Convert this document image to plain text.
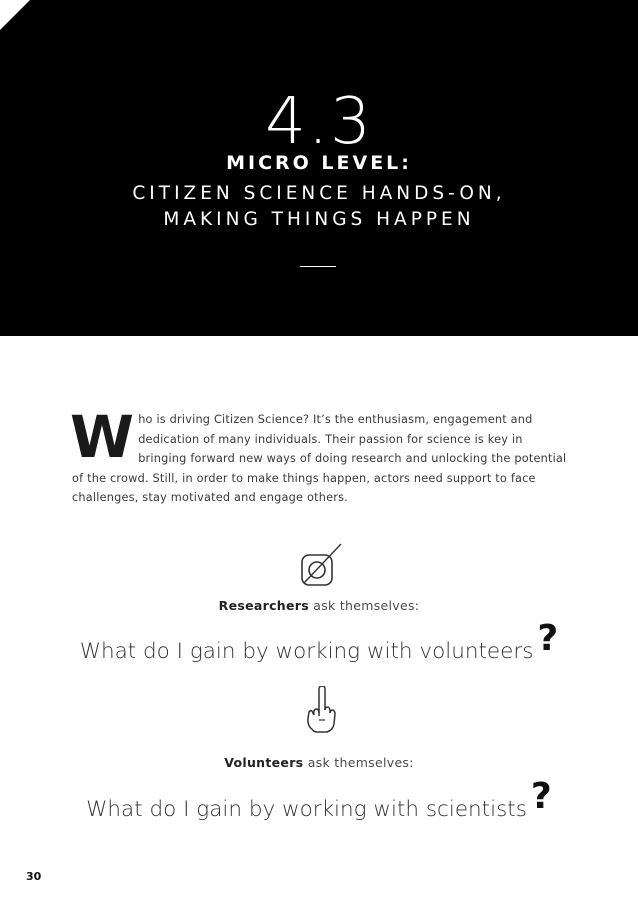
4.3
MICRO LEVEL:
CITIZEN SCIENCE HANDS-ON,
MAKING THINGS HAPPEN
W ho is driving Citizen Science? It’s the enthusiasm, engagement and dedication of many individuals. Their passion for science is key in bringing forward new ways of doing research and unlocking the potential of the crowd. Still, in order to make things happen, actors need support to face challenges, stay motivated and engage others.
Researchers ask themselves:
What do I gain by working with volunteers ?
Volunteers ask themselves:
What do I gain by working with scientists ?
30
